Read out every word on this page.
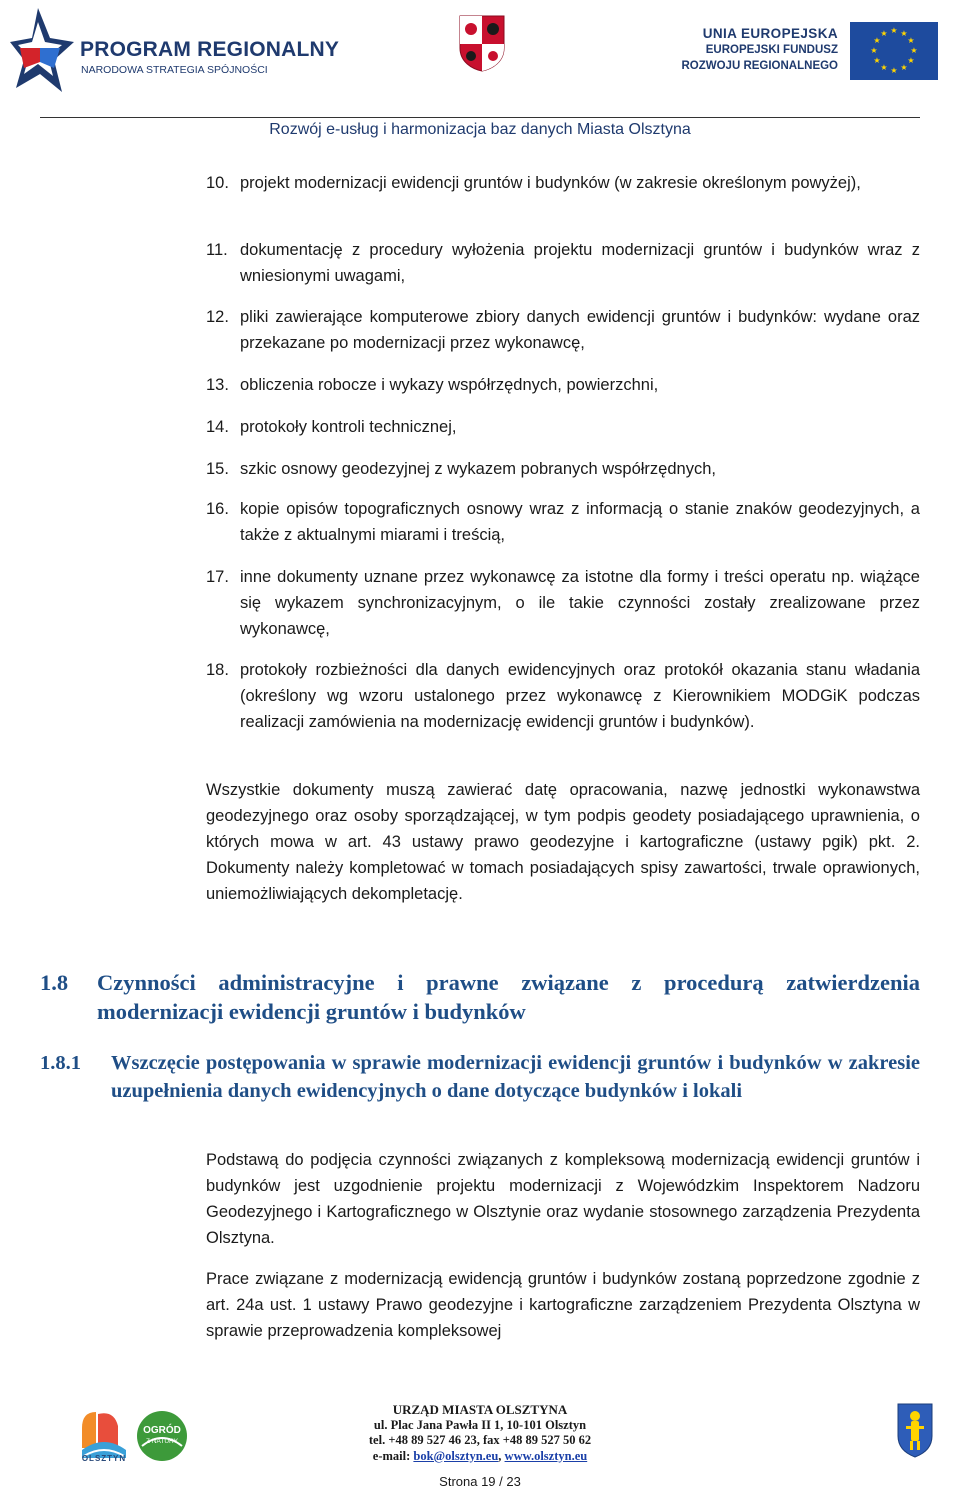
PROGRAM REGIONALNY
NARODOWA STRATEGIA SPÓJNOŚCI
UNIA EUROPEJSKA
EUROPEJSKI FUNDUSZ
ROZWOJU REGIONALNEGO
★ ★
★
★
★
★
★
★
★
★
★
★
Rozwój e-usług i harmonizacja baz danych Miasta Olsztyna
10. projekt modernizacji ewidencji gruntów i budynków (w zakresie określonym powyżej),
11. dokumentację z procedury wyłożenia projektu modernizacji gruntów i budynków wraz z wniesionymi uwagami,
12. pliki zawierające komputerowe zbiory danych ewidencji gruntów i budynków: wydane oraz przekazane po modernizacji przez wykonawcę,
13. obliczenia robocze i wykazy współrzędnych, powierzchni,
14. protokoły kontroli technicznej,
15. szkic osnowy geodezyjnej z wykazem pobranych współrzędnych,
16. kopie opisów topograficznych osnowy wraz z informacją o stanie znaków geodezyjnych, a także z aktualnymi miarami i treścią,
17. inne dokumenty uznane przez wykonawcę za istotne dla formy i treści operatu np. wiążące się wykazem synchronizacyjnym, o ile takie czynności zostały zrealizowane przez wykonawcę,
18. protokoły rozbieżności dla danych ewidencyjnych oraz protokół okazania stanu władania (określony wg wzoru ustalonego przez wykonawcę z Kierownikiem MODGiK podczas realizacji zamówienia na modernizację ewidencji gruntów i budynków).
Wszystkie dokumenty muszą zawierać datę opracowania, nazwę jednostki wykonawstwa geodezyjnego oraz osoby sporządzającej, w tym podpis geodety posiadającego uprawnienia, o których mowa w art. 43 ustawy prawo geodezyjne i kartograficzne (ustawy pgik) pkt. 2. Dokumenty należy kompletować w tomach posiadających spisy zawartości, trwale oprawionych, uniemożliwiających dekompletację.
1.8 Czynności administracyjne i prawne związane z procedurą zatwierdzenia modernizacji ewidencji gruntów i budynków
1.8.1 Wszczęcie postępowania w sprawie modernizacji ewidencji gruntów i budynków w zakresie uzupełnienia danych ewidencyjnych o dane dotyczące budynków i lokali
Podstawą do podjęcia czynności związanych z kompleksową modernizacją ewidencji gruntów i budynków jest uzgodnienie projektu modernizacji z Wojewódzkim Inspektorem Nadzoru Geodezyjnego i Kartograficznego w Olsztynie oraz wydanie stosownego zarządzenia Prezydenta Olsztyna.
Prace związane z modernizacją ewidencją gruntów i budynków zostaną poprzedzone zgodnie z art. 24a ust. 1 ustawy Prawo geodezyjne i kartograficzne zarządzeniem Prezydenta Olsztyna w sprawie przeprowadzenia kompleksowej
OLSZTYN
OGRÓD
Z NATURY
URZĄD MIASTA OLSZTYNA
ul. Plac Jana Pawła II 1, 10-101 Olsztyn
tel. +48 89 527 46 23, fax +48 89 527 50 62
e-mail: bok@olsztyn.eu, www.olsztyn.eu
Strona 19 / 23
